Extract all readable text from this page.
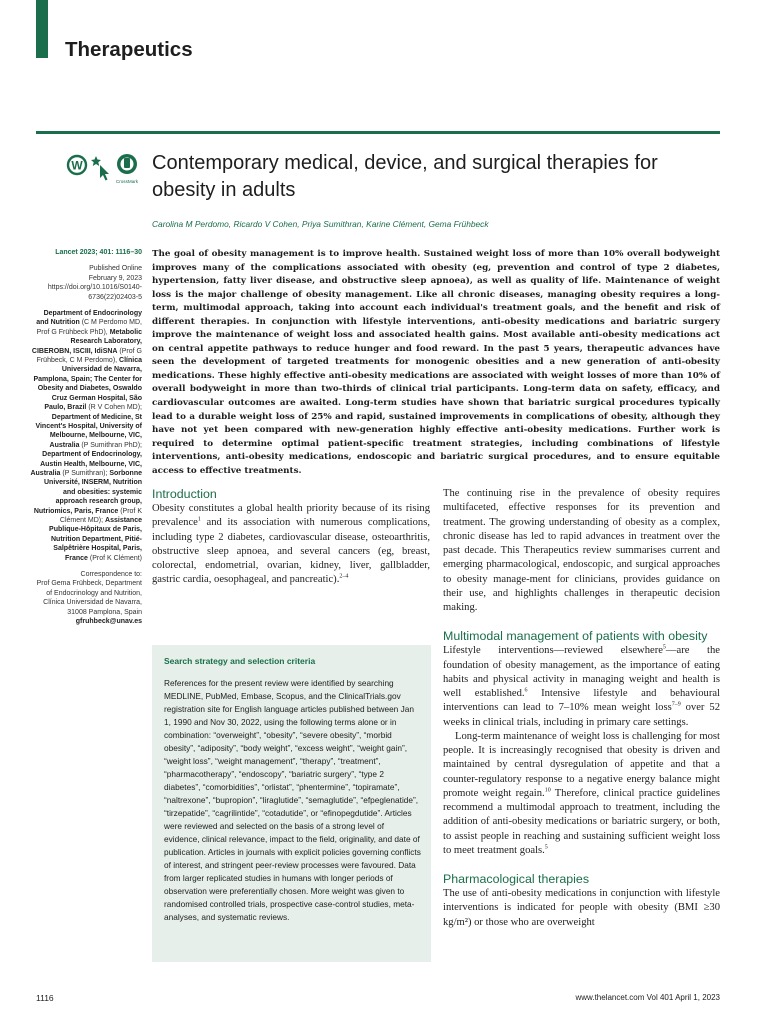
Therapeutics
W
CrossMark
Contemporary medical, device, and surgical therapies for obesity in adults
Carolina M Perdomo, Ricardo V Cohen, Priya Sumithran, Karine Clément, Gema Frühbeck

Lancet 2023; 401: 1116–30

Published Online
February 9, 2023
https://doi.org/10.1016/S0140-6736(22)02403-5

Department of Endocrinology and Nutrition (C M Perdomo MD, Prof G Frühbeck PhD), Metabolic Research Laboratory, CIBEROBN, ISCIII, IdiSNA (Prof G Frühbeck, C M Perdomo), Clínica Universidad de Navarra, Pamplona, Spain; The Center for Obesity and Diabetes, Oswaldo Cruz German Hospital, São Paulo, Brazil (R V Cohen MD); Department of Medicine, St Vincent's Hospital, University of Melbourne, Melbourne, VIC, Australia (P Sumithran PhD); Department of Endocrinology, Austin Health, Melbourne, VIC, Australia (P Sumithran); Sorbonne Université, INSERM, Nutrition and obesities: systemic approach research group, Nutriomics, Paris, France (Prof K Clément MD); Assistance Publique-Hôpitaux de Paris, Nutrition Department, Pitié-Salpêtrière Hospital, Paris, France (Prof K Clément)

Correspondence to:
Prof Gema Frühbeck, Department of Endocrinology and Nutrition, Clínica Universidad de Navarra, 31008 Pamplona, Spain
gfruhbeck@unav.es

The goal of obesity management is to improve health. Sustained weight loss of more than 10% overall bodyweight improves many of the complications associated with obesity (eg, prevention and control of type 2 diabetes, hypertension, fatty liver disease, and obstructive sleep apnoea), as well as quality of life. Maintenance of weight loss is the major challenge of obesity management. Like all chronic diseases, managing obesity requires a long-term, multimodal approach, taking into account each individual's treatment goals, and the benefit and risk of different therapies. In conjunction with lifestyle interventions, anti-obesity medications and bariatric surgery improve the maintenance of weight loss and associated health gains. Most available anti-obesity medications act on central appetite pathways to reduce hunger and food reward. In the past 5 years, therapeutic advances have seen the development of targeted treatments for monogenic obesities and a new generation of anti-obesity medications. These highly effective anti-obesity medications are associated with weight losses of more than 10% of overall bodyweight in more than two-thirds of clinical trial participants. Long-term data on safety, efficacy, and cardiovascular outcomes are awaited. Long-term studies have shown that bariatric surgical procedures typically lead to a durable weight loss of 25% and rapid, sustained improvements in complications of obesity, although they have not yet been compared with new-generation highly effective anti-obesity medications. Further work is required to determine optimal patient-specific treatment strategies, including combinations of lifestyle interventions, anti-obesity medications, endoscopic and bariatric surgical procedures, and to ensure equitable access to effective treatments.

Introduction

Obesity constitutes a global health priority because of its rising prevalence$^1$ and its association with numerous complications, including type 2 diabetes, cardiovascular disease, osteoarthritis, obstructive sleep apnoea, and several cancers (eg, breast, colorectal, endometrial, ovarian, kidney, liver, gallbladder, gastric cardia, oesophageal, and pancreatic).$^{2-4}$

Search strategy and selection criteria

References for the present review were identified by searching MEDLINE, PubMed, Embase, Scopus, and the ClinicalTrials.gov registration site for English language articles published between Jan 1, 1990 and Nov 30, 2022, using the following terms alone or in combination: “overweight”, “obesity”, “severe obesity”, “morbid obesity”, “adiposity”, “body weight”, “excess weight”, “weight gain”, “weight loss”, “weight management”, “therapy”, “treatment”, “pharmacotherapy”, “endoscopy”, “bariatric surgery”, “type 2 diabetes”, “comorbidities”, “orlistat”, “phentermine”, “topiramate”, “naltrexone”, “bupropion”, “liraglutide”, “semaglutide”, “efpeglenatide”, “tirzepatide”, “cagrilintide”, “cotadutide”, or “efinopegdutide”. Articles were reviewed and selected on the basis of a strong level of evidence, clinical relevance, impact to the field, originality, and date of publication. Articles in journals with explicit policies governing conflicts of interest, and stringent peer-review processes were favoured. Data from larger replicated studies in humans with longer periods of observation were preferentially chosen. More weight was given to randomised controlled trials, prospective case-control studies, meta-analyses, and systematic reviews.

The continuing rise in the prevalence of obesity requires multifaceted, effective responses for its prevention and treatment. The growing understanding of obesity as a complex, chronic disease has led to rapid advances in treatment over the past decade. This Therapeutics review summarises current and emerging pharmacological, endoscopic, and surgical approaches to obesity manage-ment for clinicians, provides guidance on their use, and highlights challenges in therapeutic decision making.

Multimodal management of patients with obesity

Lifestyle interventions—reviewed elsewhere$^5$—are the foundation of obesity management, as the importance of eating habits and physical activity in managing weight and health is well established.$^6$ Intensive lifestyle and behavioural interventions can lead to 7–10% mean weight loss$^{7-9}$ over 52 weeks in clinical trials, including in primary care settings.

Long-term maintenance of weight loss is challenging for most people. It is increasingly recognised that obesity is driven and maintained by central dysregulation of appetite and that a counter-regulatory response to a negative energy balance might promote weight regain.$^{10}$ Therefore, clinical practice guidelines recommend a multimodal approach to treatment, including the addition of anti-obesity medications or bariatric surgery, or both, to assist people in reaching and sustaining sufficient weight loss to meet treatment goals.$^5$

Pharmacological therapies

The use of anti-obesity medications in conjunction with lifestyle interventions is indicated for people with obesity (BMI ≥30 kg/m²) or those who are overweight

1116	www.thelancet.com Vol 401 April 1, 2023
